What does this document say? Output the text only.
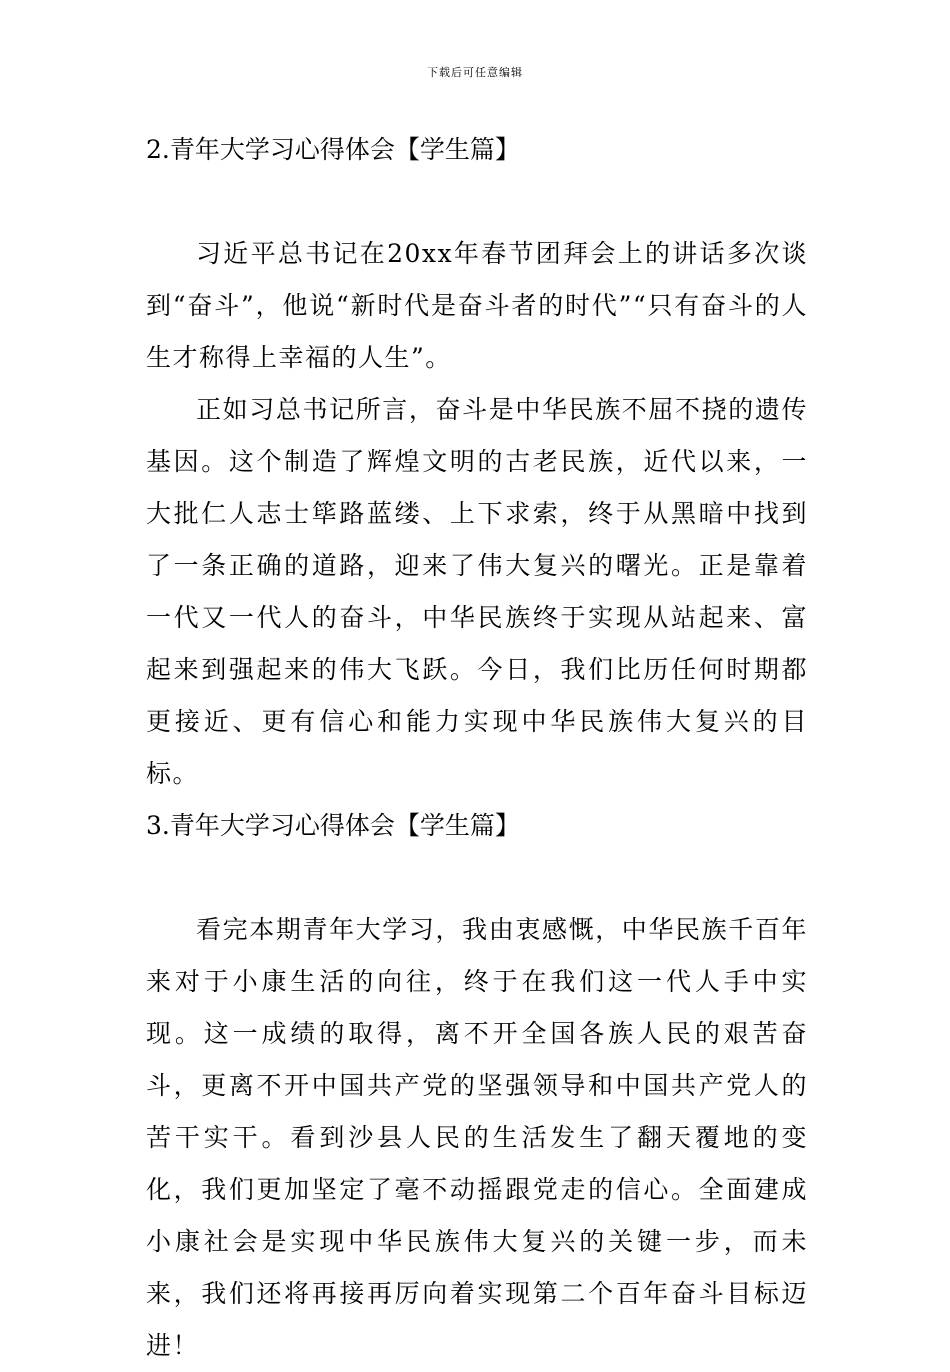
下载后可任意编辑
2.青年大学习心得体会【学生篇】

习近平总书记在20xx年春节团拜会上的讲话多次谈到“奋斗”，他说“新时代是奋斗者的时代”“只有奋斗的人生才称得上幸福的人生”。

正如习总书记所言，奋斗是中华民族不屈不挠的遗传基因。这个制造了辉煌文明的古老民族，近代以来，一大批仁人志士筚路蓝缕、上下求索，终于从黑暗中找到了一条正确的道路，迎来了伟大复兴的曙光。正是靠着一代又一代人的奋斗，中华民族终于实现从站起来、富起来到强起来的伟大飞跃。今日，我们比历任何时期都更接近、更有信心和能力实现中华民族伟大复兴的目标。

3.青年大学习心得体会【学生篇】

看完本期青年大学习，我由衷感慨，中华民族千百年来对于小康生活的向往，终于在我们这一代人手中实现。这一成绩的取得，离不开全国各族人民的艰苦奋斗，更离不开中国共产党的坚强领导和中国共产党人的苦干实干。看到沙县人民的生活发生了翻天覆地的变化，我们更加坚定了毫不动摇跟党走的信心。全面建成小康社会是实现中华民族伟大复兴的关键一步，而未来，我们还将再接再厉向着实现第二个百年奋斗目标迈进！
